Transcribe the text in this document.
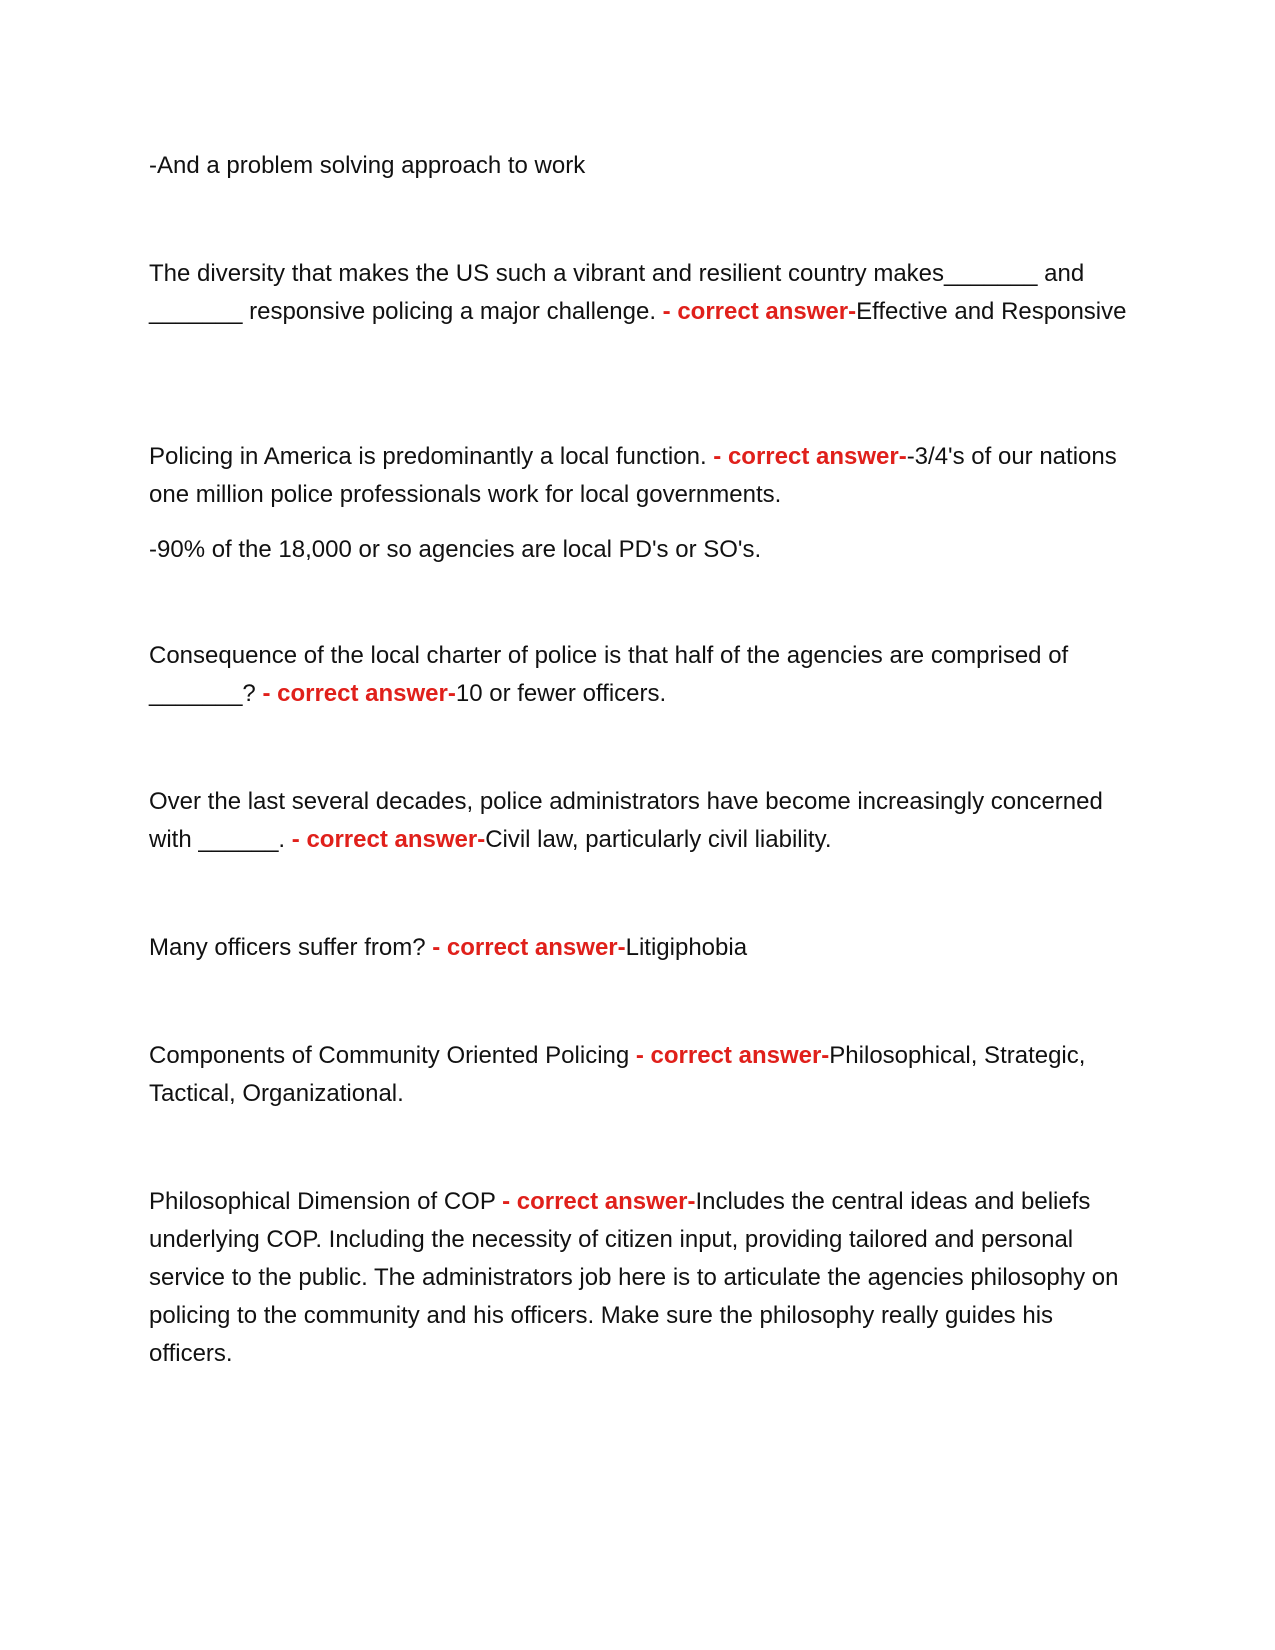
-And a problem solving approach to work

The diversity that makes the US such a vibrant and resilient country makes_______ and _______ responsive policing a major challenge. - correct answer-Effective and Responsive

Policing in America is predominantly a local function. - correct answer--3/4's of our nations one million police professionals work for local governments.

-90% of the 18,000 or so agencies are local PD's or SO's.

Consequence of the local charter of police is that half of the agencies are comprised of _______? - correct answer-10 or fewer officers.

Over the last several decades, police administrators have become increasingly concerned with ______. - correct answer-Civil law, particularly civil liability.

Many officers suffer from? - correct answer-Litigiphobia

Components of Community Oriented Policing - correct answer-Philosophical, Strategic, Tactical, Organizational.

Philosophical Dimension of COP - correct answer-Includes the central ideas and beliefs underlying COP. Including the necessity of citizen input, providing tailored and personal service to the public. The administrators job here is to articulate the agencies philosophy on policing to the community and his officers. Make sure the philosophy really guides his officers.
